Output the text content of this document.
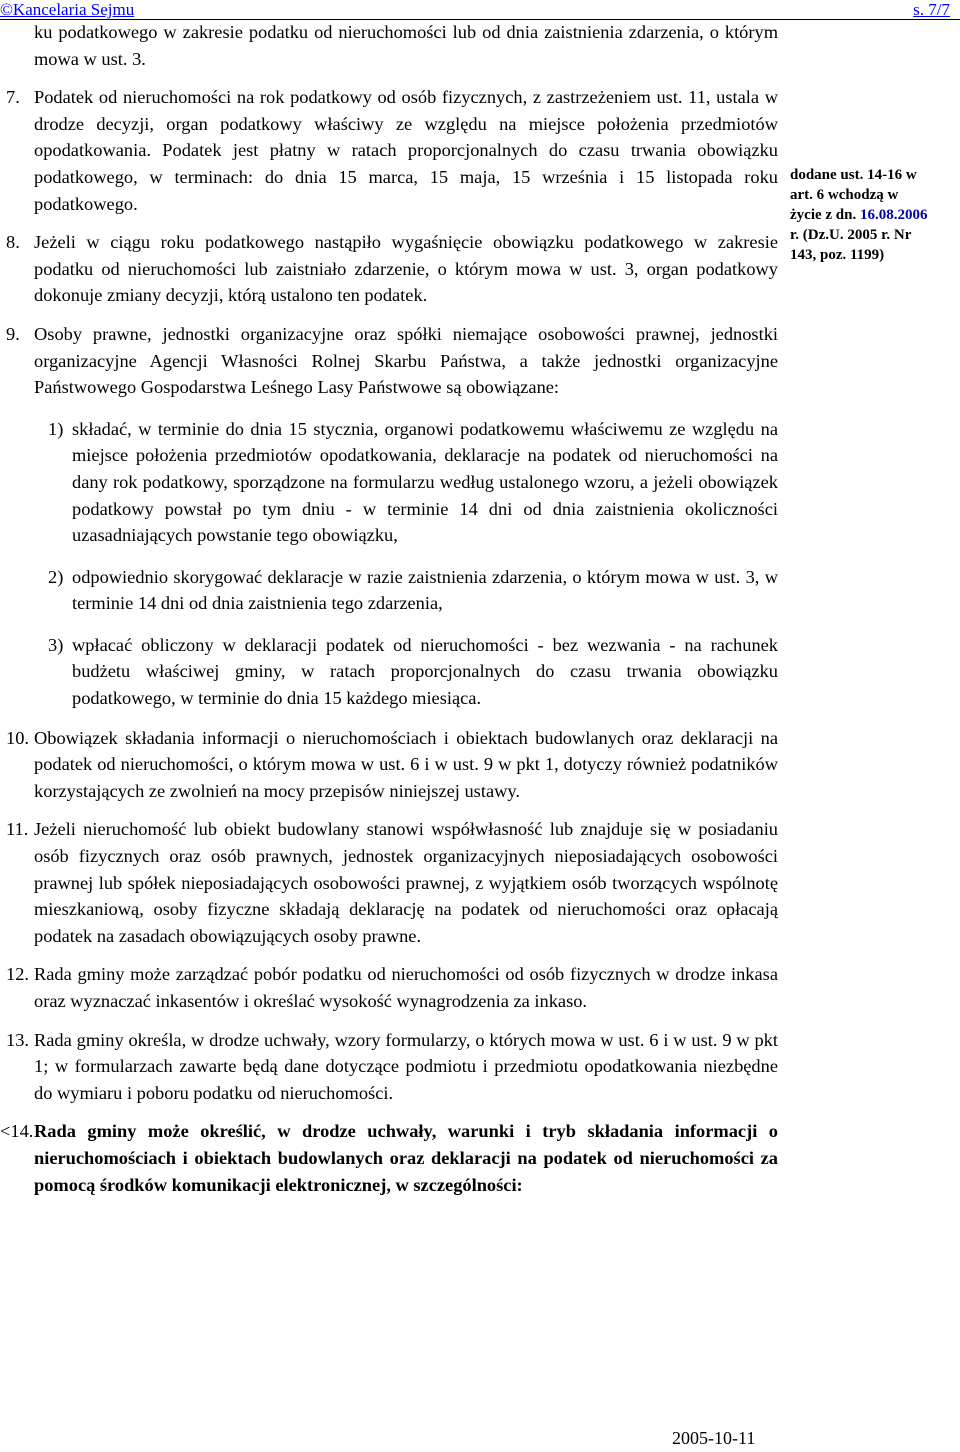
©Kancelaria Sejmu	s. 7/7

ku podatkowego w zakresie podatku od nieruchomości lub od dnia zaistnienia zdarzenia, o którym mowa w ust. 3.

7. Podatek od nieruchomości na rok podatkowy od osób fizycznych, z zastrzeżeniem ust. 11, ustala w drodze decyzji, organ podatkowy właściwy ze względu na miejsce położenia przedmiotów opodatkowania. Podatek jest płatny w ratach proporcjonalnych do czasu trwania obowiązku podatkowego, w terminach: do dnia 15 marca, 15 maja, 15 września i 15 listopada roku podatkowego.
8. Jeżeli w ciągu roku podatkowego nastąpiło wygaśnięcie obowiązku podatkowego w zakresie podatku od nieruchomości lub zaistniało zdarzenie, o którym mowa w ust. 3, organ podatkowy dokonuje zmiany decyzji, którą ustalono ten podatek.
9. Osoby prawne, jednostki organizacyjne oraz spółki niemające osobowości prawnej, jednostki organizacyjne Agencji Własności Rolnej Skarbu Państwa, a także jednostki organizacyjne Państwowego Gospodarstwa Leśnego Lasy Państwowe są obowiązane:
1) składać, w terminie do dnia 15 stycznia, organowi podatkowemu właściwemu ze względu na miejsce położenia przedmiotów opodatkowania, deklaracje na podatek od nieruchomości na dany rok podatkowy, sporządzone na formularzu według ustalonego wzoru, a jeżeli obowiązek podatkowy powstał po tym dniu - w terminie 14 dni od dnia zaistnienia okoliczności uzasadniających powstanie tego obowiązku,
2) odpowiednio skorygować deklaracje w razie zaistnienia zdarzenia, o którym mowa w ust. 3, w terminie 14 dni od dnia zaistnienia tego zdarzenia,
3) wpłacać obliczony w deklaracji podatek od nieruchomości - bez wezwania - na rachunek budżetu właściwej gminy, w ratach proporcjonalnych do czasu trwania obowiązku podatkowego, w terminie do dnia 15 każdego miesiąca.
10. Obowiązek składania informacji o nieruchomościach i obiektach budowlanych oraz deklaracji na podatek od nieruchomości, o którym mowa w ust. 6 i w ust. 9 w pkt 1, dotyczy również podatników korzystających ze zwolnień na mocy przepisów niniejszej ustawy.
11. Jeżeli nieruchomość lub obiekt budowlany stanowi współwłasność lub znajduje się w posiadaniu osób fizycznych oraz osób prawnych, jednostek organizacyjnych nieposiadających osobowości prawnej lub spółek nieposiadających osobowości prawnej, z wyjątkiem osób tworzących wspólnotę mieszkaniową, osoby fizyczne składają deklarację na podatek od nieruchomości oraz opłacają podatek na zasadach obowiązujących osoby prawne.
12. Rada gminy może zarządzać pobór podatku od nieruchomości od osób fizycznych w drodze inkasa oraz wyznaczać inkasentów i określać wysokość wynagrodzenia za inkaso.
13. Rada gminy określa, w drodze uchwały, wzory formularzy, o których mowa w ust. 6 i w ust. 9 w pkt 1; w formularzach zawarte będą dane dotyczące podmiotu i przedmiotu opodatkowania niezbędne do wymiaru i poboru podatku od nieruchomości.
<14. Rada gminy może określić, w drodze uchwały, warunki i tryb składania informacji o nieruchomościach i obiektach budowlanych oraz deklaracji na podatek od nieruchomości za pomocą środków komunikacji elektronicznej, w szczególności:
dodane ust. 14-16 w
art. 6 wchodzą w
życie z dn. 16.08.2006
r. (Dz.U. 2005 r. Nr
143, poz. 1199)
2005-10-11
